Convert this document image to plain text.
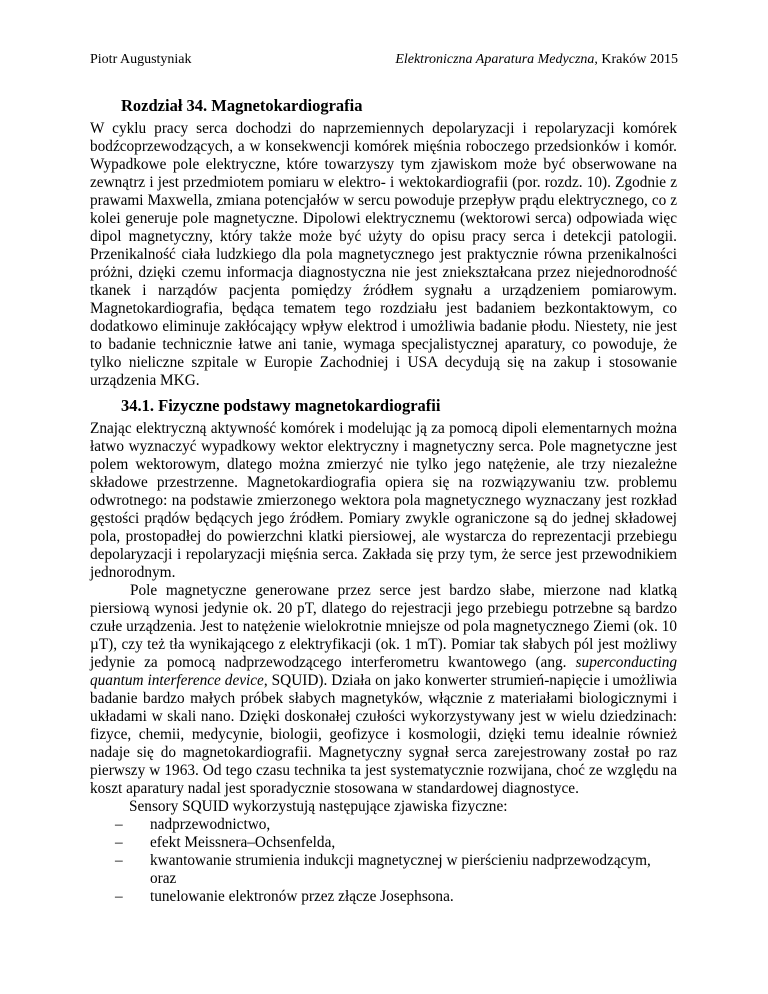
Piotr Augustyniak	Elektroniczna Aparatura Medyczna, Kraków 2015
Rozdział 34. Magnetokardiografia

W cyklu pracy serca dochodzi do naprzemiennych depolaryzacji i repolaryzacji komórek bodźcoprzewodzących, a w konsekwencji komórek mięśnia roboczego przedsionków i komór. Wypadkowe pole elektryczne, które towarzyszy tym zjawiskom może być obserwowane na zewnątrz i jest przedmiotem pomiaru w elektro- i wektokardiografii (por. rozdz. 10). Zgodnie z prawami Maxwella, zmiana potencjałów w sercu powoduje przepływ prądu elektrycznego, co z kolei generuje pole magnetyczne. Dipolowi elektrycznemu (wektorowi serca) odpowiada więc dipol magnetyczny, który także może być użyty do opisu pracy serca i detekcji patologii. Przenikalność ciała ludzkiego dla pola magnetycznego jest praktycznie równa przenikalności próżni, dzięki czemu informacja diagnostyczna nie jest zniekształcana przez niejednorodność tkanek i narządów pacjenta pomiędzy źródłem sygnału a urządzeniem pomiarowym. Magnetokardiografia, będąca tematem tego rozdziału jest badaniem bezkontaktowym, co dodatkowo eliminuje zakłócający wpływ elektrod i umożliwia badanie płodu. Niestety, nie jest to badanie technicznie łatwe ani tanie, wymaga specjalistycznej aparatury, co powoduje, że tylko nieliczne szpitale w Europie Zachodniej i USA decydują się na zakup i stosowanie urządzenia MKG.

34.1. Fizyczne podstawy magnetokardiografii

Znając elektryczną aktywność komórek i modelując ją za pomocą dipoli elementarnych można łatwo wyznaczyć wypadkowy wektor elektryczny i magnetyczny serca. Pole magnetyczne jest polem wektorowym, dlatego można zmierzyć nie tylko jego natężenie, ale trzy niezależne składowe przestrzenne. Magnetokardiografia opiera się na rozwiązywaniu tzw. problemu odwrotnego: na podstawie zmierzonego wektora pola magnetycznego wyznaczany jest rozkład gęstości prądów będących jego źródłem. Pomiary zwykle ograniczone są do jednej składowej pola, prostopadłej do powierzchni klatki piersiowej, ale wystarcza do reprezentacji przebiegu depolaryzacji i repolaryzacji mięśnia serca. Zakłada się przy tym, że serce jest przewodnikiem jednorodnym.

Pole magnetyczne generowane przez serce jest bardzo słabe, mierzone nad klatką piersiową wynosi jedynie ok. 20 pT, dlatego do rejestracji jego przebiegu potrzebne są bardzo czułe urządzenia. Jest to natężenie wielokrotnie mniejsze od pola magnetycznego Ziemi (ok. 10 µT), czy też tła wynikającego z elektryfikacji (ok. 1 mT). Pomiar tak słabych pól jest możliwy jedynie za pomocą nadprzewodzącego interferometru kwantowego (ang. superconducting quantum interference device, SQUID). Działa on jako konwerter strumień-napięcie i umożliwia badanie bardzo małych próbek słabych magnetyków, włącznie z materiałami biologicznymi i układami w skali nano. Dzięki doskonałej czułości wykorzystywany jest w wielu dziedzinach: fizyce, chemii, medycynie, biologii, geofizyce i kosmologii, dzięki temu idealnie również nadaje się do magnetokardiografii. Magnetyczny sygnał serca zarejestrowany został po raz pierwszy w 1963. Od tego czasu technika ta jest systematycznie rozwijana, choć ze względu na koszt aparatury nadal jest sporadycznie stosowana w standardowej diagnostyce.

Sensory SQUID wykorzystują następujące zjawiska fizyczne:

– nadprzewodnictwo,
– efekt Meissnera–Ochsenfelda,
– kwantowanie strumienia indukcji magnetycznej w pierścieniu nadprzewodzącym, oraz
– tunelowanie elektronów przez złącze Josephsona.
